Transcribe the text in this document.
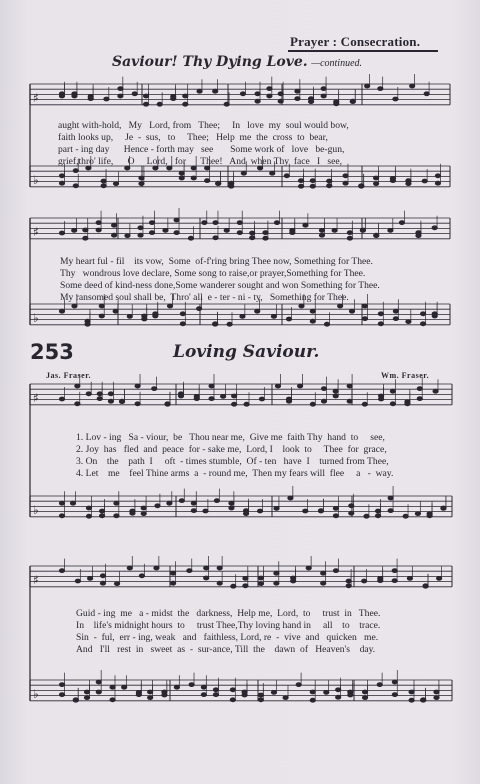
Prayer : Consecration.
Saviour! Thy Dying Love. —continued.
♯
♭
♯
♭
♯
♭
♯
♭
aught with-hold,   My   Lord, from   Thee;     In   love  my  soul would bow,
faith looks up,     Je  -  sus,   to     Thee;   Help  me  the  cross  to  bear,
part - ing day      Hence - forth may   see       Some work of   love   be-gun,
grief,thro' life,      O     Lord,   for      Thee!   And  when Thy  face   I   see,
My heart ful - fil    its vow,  Some  of-f'ring bring Thee now, Something for Thee.
Thy   wondrous love declare, Some song to raise,or prayer,Something for Thee.
Some deed of kind-ness done,Some wanderer sought and won Something for Thee.
My ransomed soul shall be,  Thro' all  e - ter - ni - ty,   Something for Thee.
253	Loving Saviour.
Jas. Fraser.	Wm. Fraser.
1. Lov - ing   Sa - viour,  be   Thou near me,  Give me  faith Thy  hand  to     see,
2. Joy  has   fled  and  peace  for - sake me,  Lord, I    look  to     Thee  for  grace,
3. On    the    path  I     oft  - times stumble,  Of - ten   have  I    turned from Thee,
4. Let    me    feel Thine arms  a  - round me,  Then my fears will  flee     a   -  way.
Guid - ing  me   a - midst  the   darkness,  Help me,  Lord,  to     trust  in   Thee.
In    life's midnight hours  to     trust Thee,Thy loving hand in     all    to    trace.
Sin  -  ful,  err - ing, weak   and   faithless, Lord, re  -  vive  and   quicken   me.
And   I'll   rest  in   sweet  as  -  sur-ance, Till  the    dawn  of   Heaven's    day.
